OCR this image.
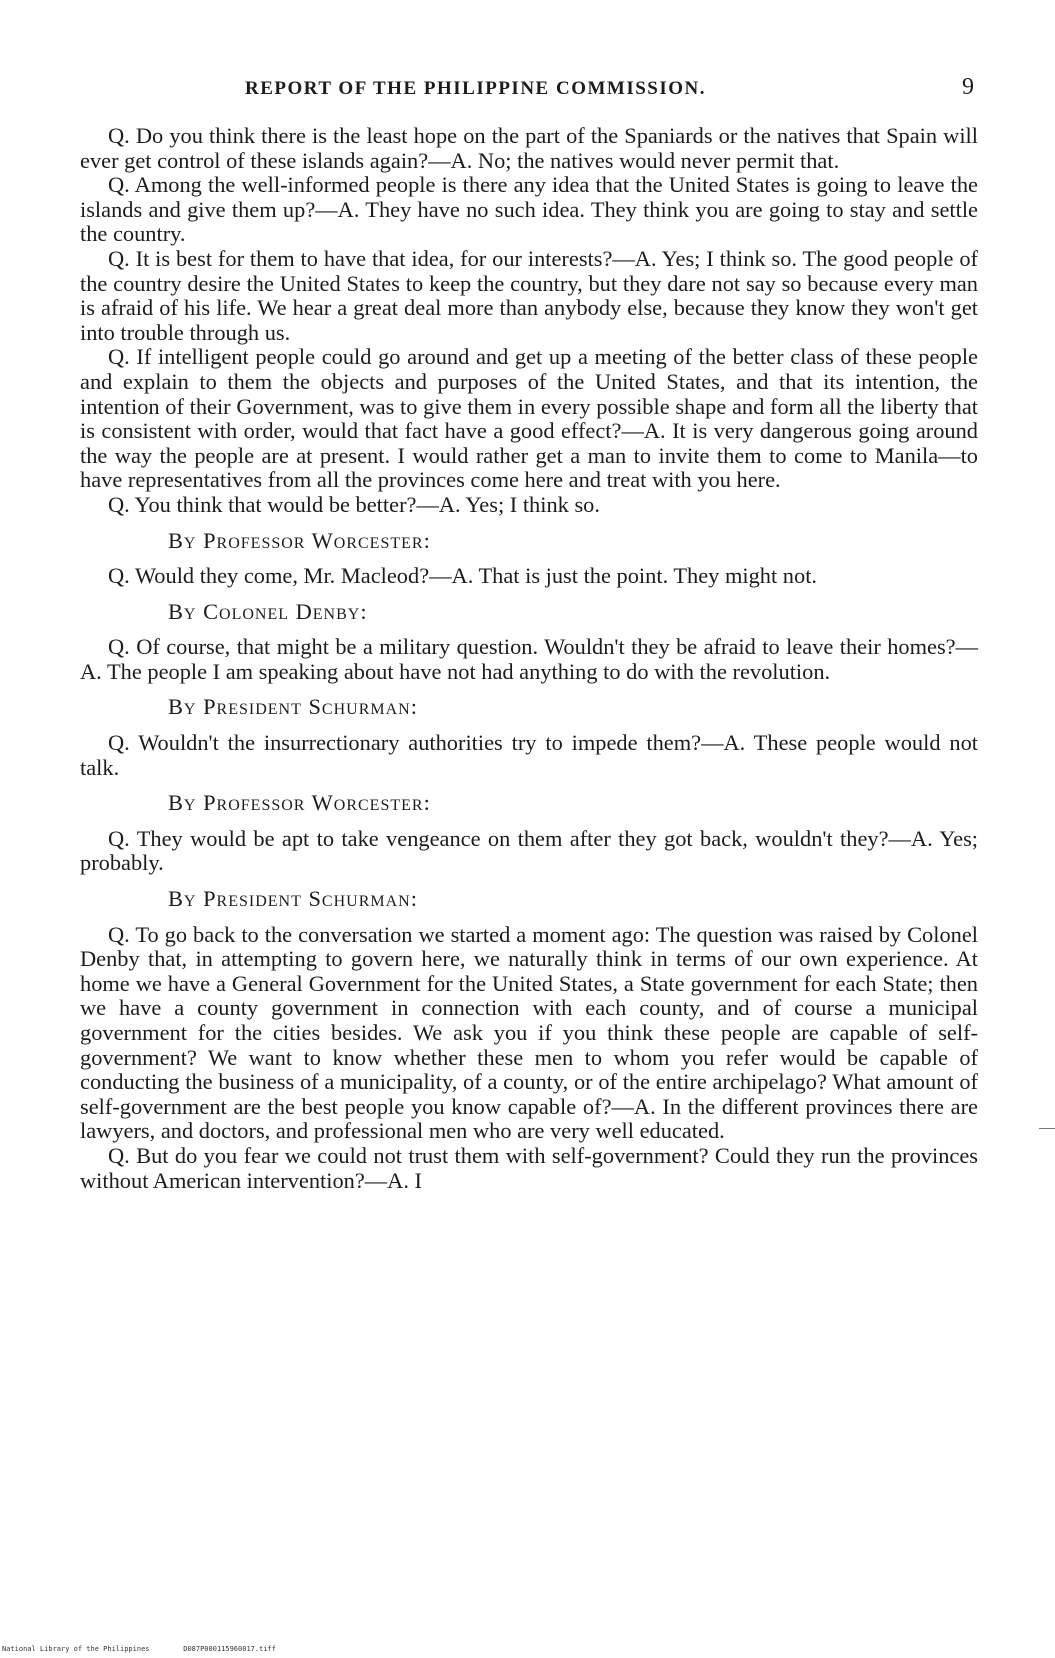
REPORT OF THE PHILIPPINE COMMISSION.	9

Q. Do you think there is the least hope on the part of the Spaniards or the natives that Spain will ever get control of these islands again?—A. No; the natives would never permit that.

Q. Among the well-informed people is there any idea that the United States is going to leave the islands and give them up?—A. They have no such idea. They think you are going to stay and settle the country.

Q. It is best for them to have that idea, for our interests?—A. Yes; I think so. The good people of the country desire the United States to keep the country, but they dare not say so because every man is afraid of his life. We hear a great deal more than anybody else, because they know they won't get into trouble through us.

Q. If intelligent people could go around and get up a meeting of the better class of these people and explain to them the objects and purposes of the United States, and that its intention, the intention of their Government, was to give them in every possible shape and form all the liberty that is consistent with order, would that fact have a good effect?—A. It is very dangerous going around the way the people are at present. I would rather get a man to invite them to come to Manila—to have representatives from all the provinces come here and treat with you here.

Q. You think that would be better?—A. Yes; I think so.

By Professor Worcester:

Q. Would they come, Mr. Macleod?—A. That is just the point. They might not.

By Colonel Denby:

Q. Of course, that might be a military question. Wouldn't they be afraid to leave their homes?—A. The people I am speaking about have not had anything to do with the revolution.

By President Schurman:

Q. Wouldn't the insurrectionary authorities try to impede them?—A. These people would not talk.

By Professor Worcester:

Q. They would be apt to take vengeance on them after they got back, wouldn't they?—A. Yes; probably.

By President Schurman:

Q. To go back to the conversation we started a moment ago: The question was raised by Colonel Denby that, in attempting to govern here, we naturally think in terms of our own experience. At home we have a General Government for the United States, a State government for each State; then we have a county government in connection with each county, and of course a municipal government for the cities besides. We ask you if you think these people are capable of self-government? We want to know whether these men to whom you refer would be capable of conducting the business of a municipality, of a county, or of the entire archipelago? What amount of self-government are the best people you know capable of?—A. In the different provinces there are lawyers, and doctors, and professional men who are very well educated.

Q. But do you fear we could not trust them with self-government? Could they run the provinces without American intervention?—A. I

National Library of the Philippines	D087P000115960017.tiff
